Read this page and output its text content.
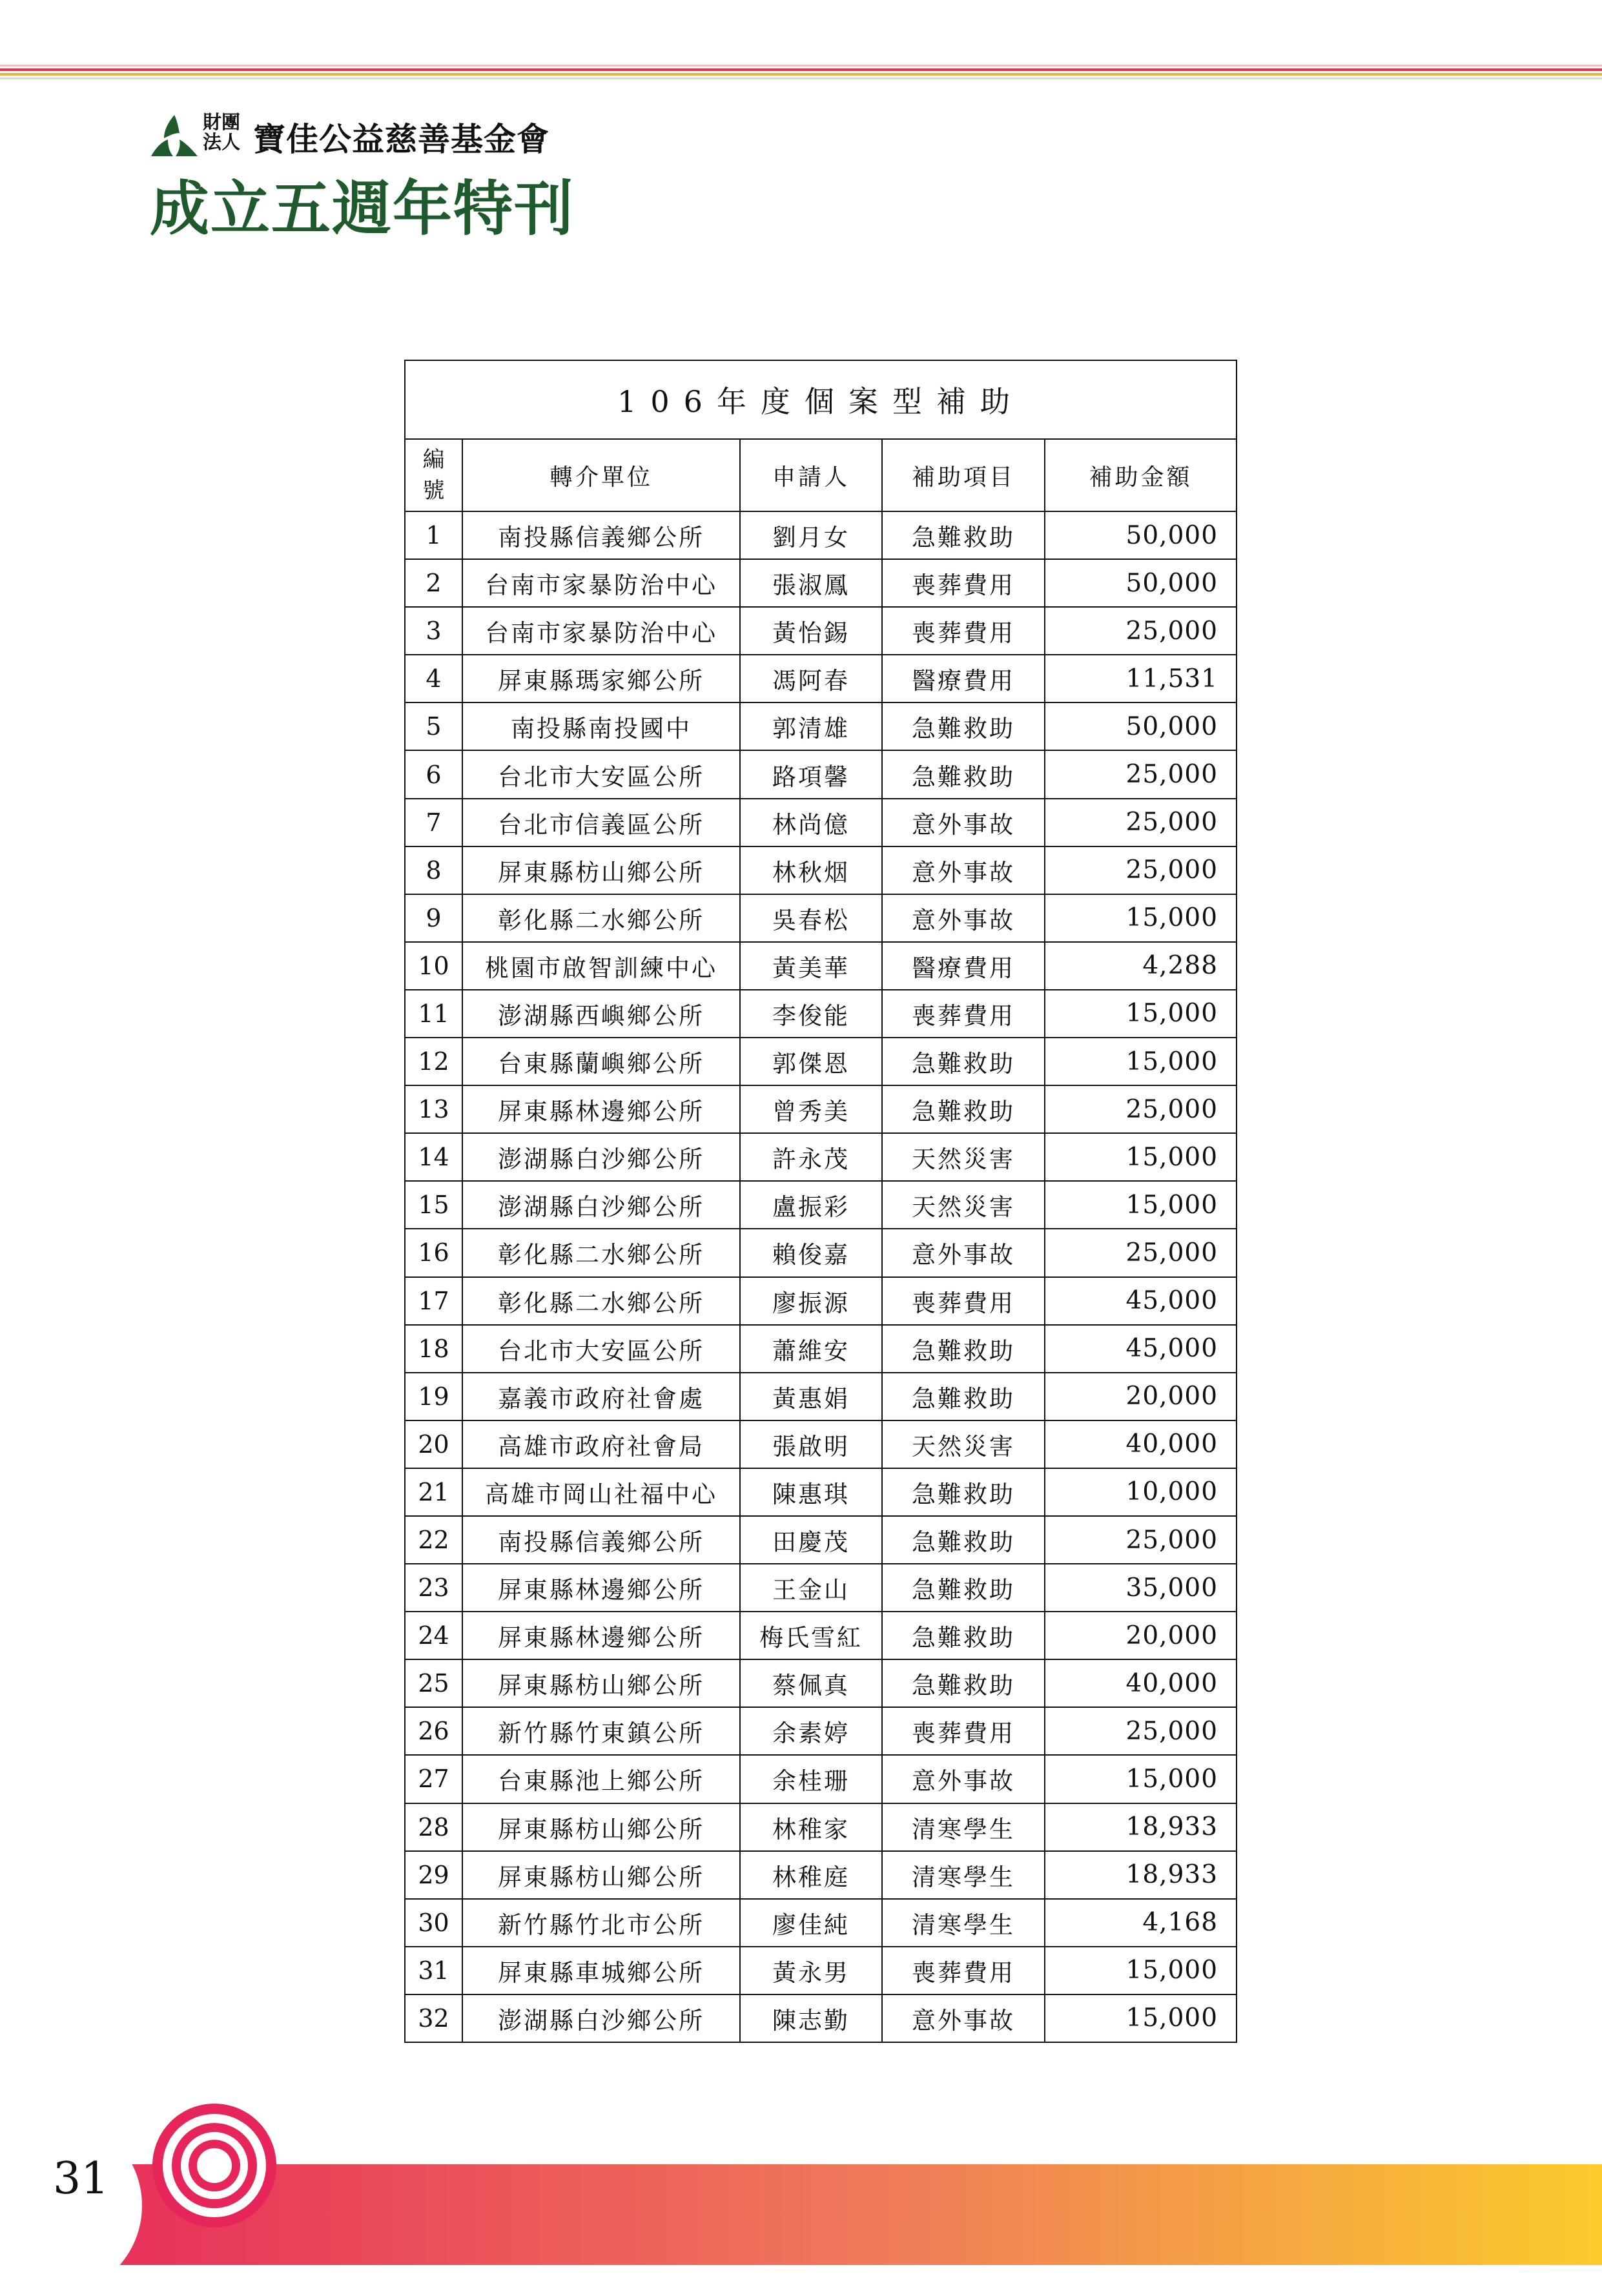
財團
法人 寶佳公益慈善基金會
成立五週年特刊
106年度個案型補助				

編
號	轉介單位	申請人	補助項目	補助金額
1	南投縣信義鄉公所	劉月女	急難救助	50,000
2	台南市家暴防治中心	張淑鳳	喪葬費用	50,000
3	台南市家暴防治中心	黃怡錫	喪葬費用	25,000
4	屏東縣瑪家鄉公所	馮阿春	醫療費用	11,531
5	南投縣南投國中	郭清雄	急難救助	50,000
6	台北市大安區公所	路項馨	急難救助	25,000
7	台北市信義區公所	林尚億	意外事故	25,000
8	屏東縣枋山鄉公所	林秋烟	意外事故	25,000
9	彰化縣二水鄉公所	吳春松	意外事故	15,000
10	桃園市啟智訓練中心	黃美華	醫療費用	4,288
11	澎湖縣西嶼鄉公所	李俊能	喪葬費用	15,000
12	台東縣蘭嶼鄉公所	郭傑恩	急難救助	15,000
13	屏東縣林邊鄉公所	曾秀美	急難救助	25,000
14	澎湖縣白沙鄉公所	許永茂	天然災害	15,000
15	澎湖縣白沙鄉公所	盧振彩	天然災害	15,000
16	彰化縣二水鄉公所	賴俊嘉	意外事故	25,000
17	彰化縣二水鄉公所	廖振源	喪葬費用	45,000
18	台北市大安區公所	蕭維安	急難救助	45,000
19	嘉義市政府社會處	黃惠娟	急難救助	20,000
20	高雄市政府社會局	張啟明	天然災害	40,000
21	高雄市岡山社福中心	陳惠琪	急難救助	10,000
22	南投縣信義鄉公所	田慶茂	急難救助	25,000
23	屏東縣林邊鄉公所	王金山	急難救助	35,000
24	屏東縣林邊鄉公所	梅氏雪紅	急難救助	20,000
25	屏東縣枋山鄉公所	蔡佩真	急難救助	40,000
26	新竹縣竹東鎮公所	余素婷	喪葬費用	25,000
27	台東縣池上鄉公所	余桂珊	意外事故	15,000
28	屏東縣枋山鄉公所	林稚家	清寒學生	18,933
29	屏東縣枋山鄉公所	林稚庭	清寒學生	18,933
30	新竹縣竹北市公所	廖佳純	清寒學生	4,168
31	屏東縣車城鄉公所	黃永男	喪葬費用	15,000
32	澎湖縣白沙鄉公所	陳志勤	意外事故	15,000
31
